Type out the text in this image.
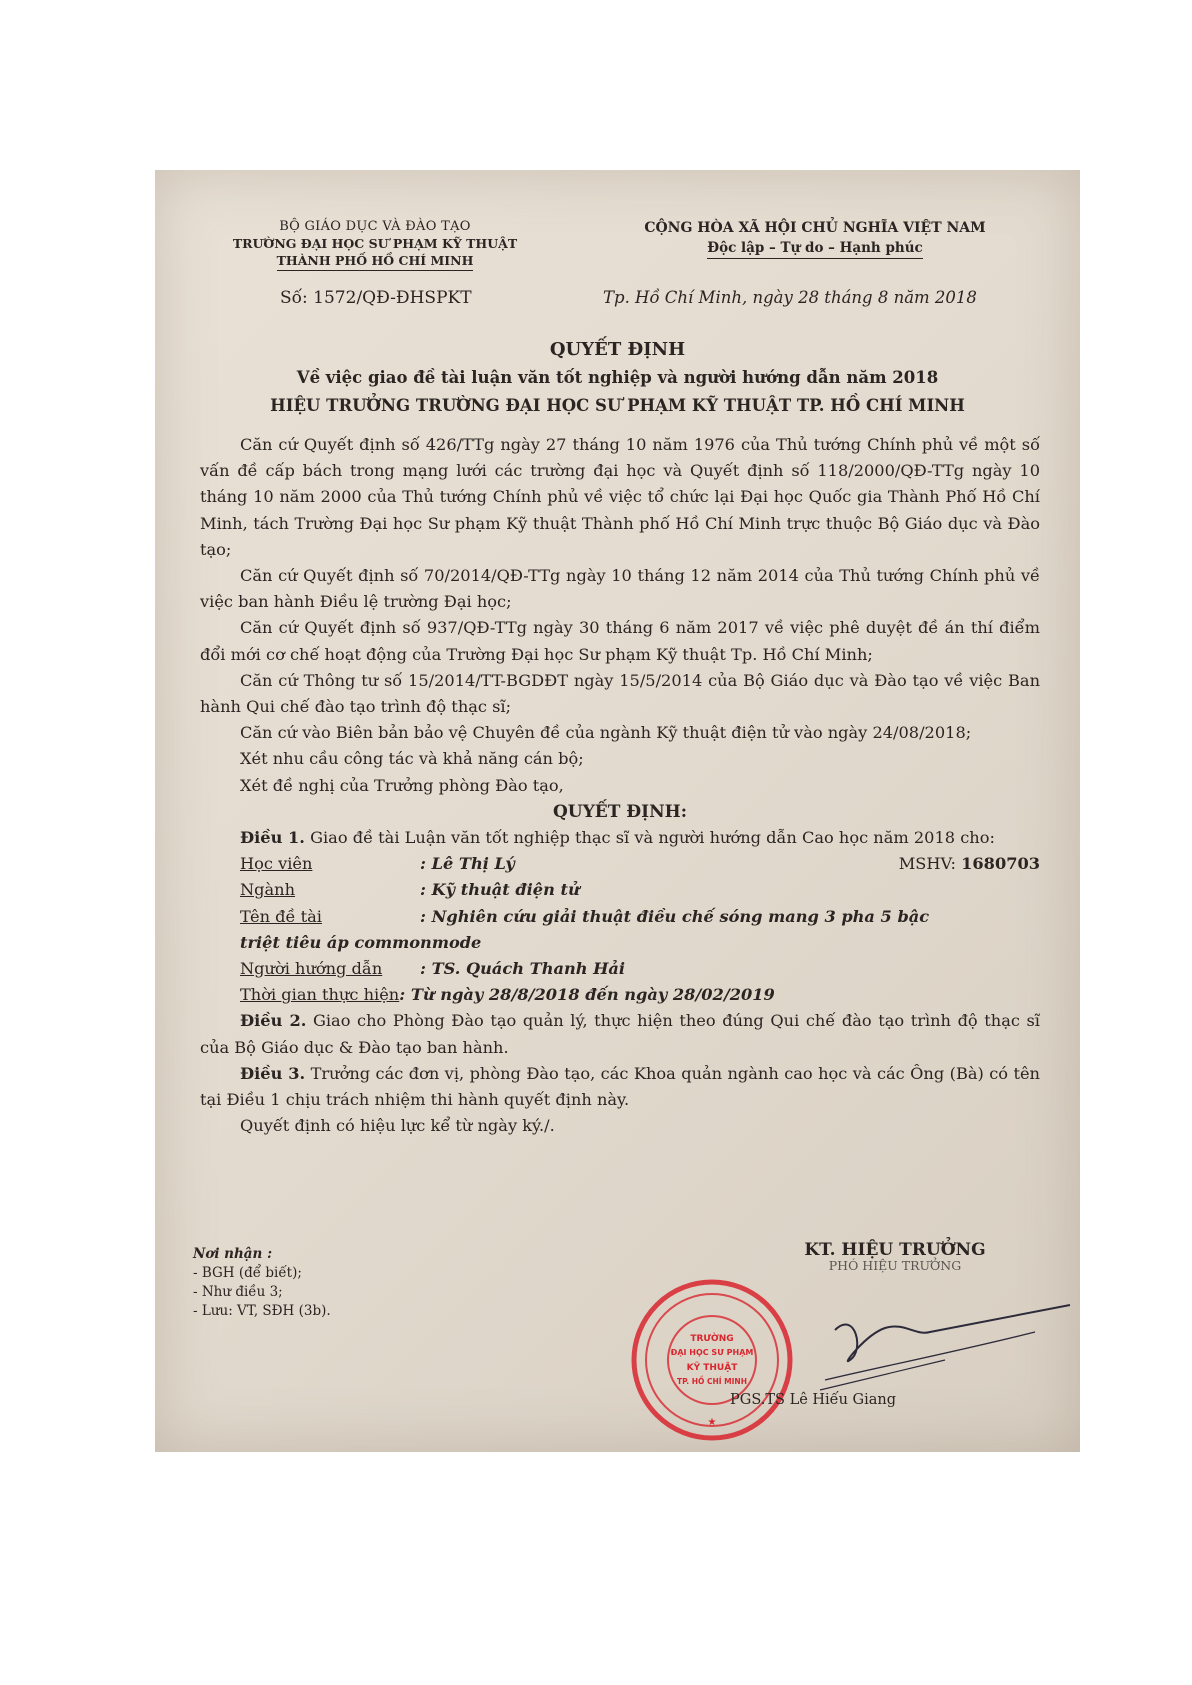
BỘ GIÁO DỤC VÀ ĐÀO TẠO
TRƯỜNG ĐẠI HỌC SƯ PHẠM KỸ THUẬT
THÀNH PHỐ HỒ CHÍ MINH
CỘNG HÒA XÃ HỘI CHỦ NGHĨA VIỆT NAM
Độc lập – Tự do – Hạnh phúc
Số: 1572/QĐ-ĐHSPKT	Tp. Hồ Chí Minh, ngày 28 tháng 8 năm 2018
QUYẾT ĐỊNH
Về việc giao đề tài luận văn tốt nghiệp và người hướng dẫn năm 2018
HIỆU TRƯỞNG TRƯỜNG ĐẠI HỌC SƯ PHẠM KỸ THUẬT TP. HỒ CHÍ MINH

Căn cứ Quyết định số 426/TTg ngày 27 tháng 10 năm 1976 của Thủ tướng Chính phủ về một số vấn đề cấp bách trong mạng lưới các trường đại học và Quyết định số 118/2000/QĐ-TTg ngày 10 tháng 10 năm 2000 của Thủ tướng Chính phủ về việc tổ chức lại Đại học Quốc gia Thành Phố Hồ Chí Minh, tách Trường Đại học Sư phạm Kỹ thuật Thành phố Hồ Chí Minh trực thuộc Bộ Giáo dục và Đào tạo;

Căn cứ Quyết định số 70/2014/QĐ-TTg ngày 10 tháng 12 năm 2014 của Thủ tướng Chính phủ về việc ban hành Điều lệ trường Đại học;

Căn cứ Quyết định số 937/QĐ-TTg ngày 30 tháng 6 năm 2017 về việc phê duyệt đề án thí điểm đổi mới cơ chế hoạt động của Trường Đại học Sư phạm Kỹ thuật Tp. Hồ Chí Minh;

Căn cứ Thông tư số 15/2014/TT-BGDĐT ngày 15/5/2014 của Bộ Giáo dục và Đào tạo về việc Ban hành Qui chế đào tạo trình độ thạc sĩ;

Căn cứ vào Biên bản bảo vệ Chuyên đề của ngành Kỹ thuật điện tử vào ngày 24/08/2018;

Xét nhu cầu công tác và khả năng cán bộ;

Xét đề nghị của Trưởng phòng Đào tạo,

QUYẾT ĐỊNH:

Điều 1. Giao đề tài Luận văn tốt nghiệp thạc sĩ và người hướng dẫn Cao học năm 2018 cho:

Học viên	: Lê Thị Lý	MSHV: 1680703
Ngành	: Kỹ thuật điện tử
Tên đề tài	: Nghiên cứu giải thuật điều chế sóng mang 3 pha 5 bậc

triệt tiêu áp commonmode

Người hướng dẫn	: TS. Quách Thanh Hải
Thời gian thực hiện : Từ ngày 28/8/2018 đến ngày 28/02/2019

Điều 2. Giao cho Phòng Đào tạo quản lý, thực hiện theo đúng Qui chế đào tạo trình độ thạc sĩ của Bộ Giáo dục & Đào tạo ban hành.

Điều 3. Trưởng các đơn vị, phòng Đào tạo, các Khoa quản ngành cao học và các Ông (Bà) có tên tại Điều 1 chịu trách nhiệm thi hành quyết định này.

Quyết định có hiệu lực kể từ ngày ký./.

Nơi nhận :
- BGH (để biết);
- Như điều 3;
- Lưu: VT, SĐH (3b).
KT. HIỆU TRƯỞNG
PHÓ HIỆU TRƯỞNG
TRƯỜNG
ĐẠI HỌC SƯ PHẠM
KỸ THUẬT
TP. HỒ CHÍ MINH
★
PGS.TS Lê Hiếu Giang
